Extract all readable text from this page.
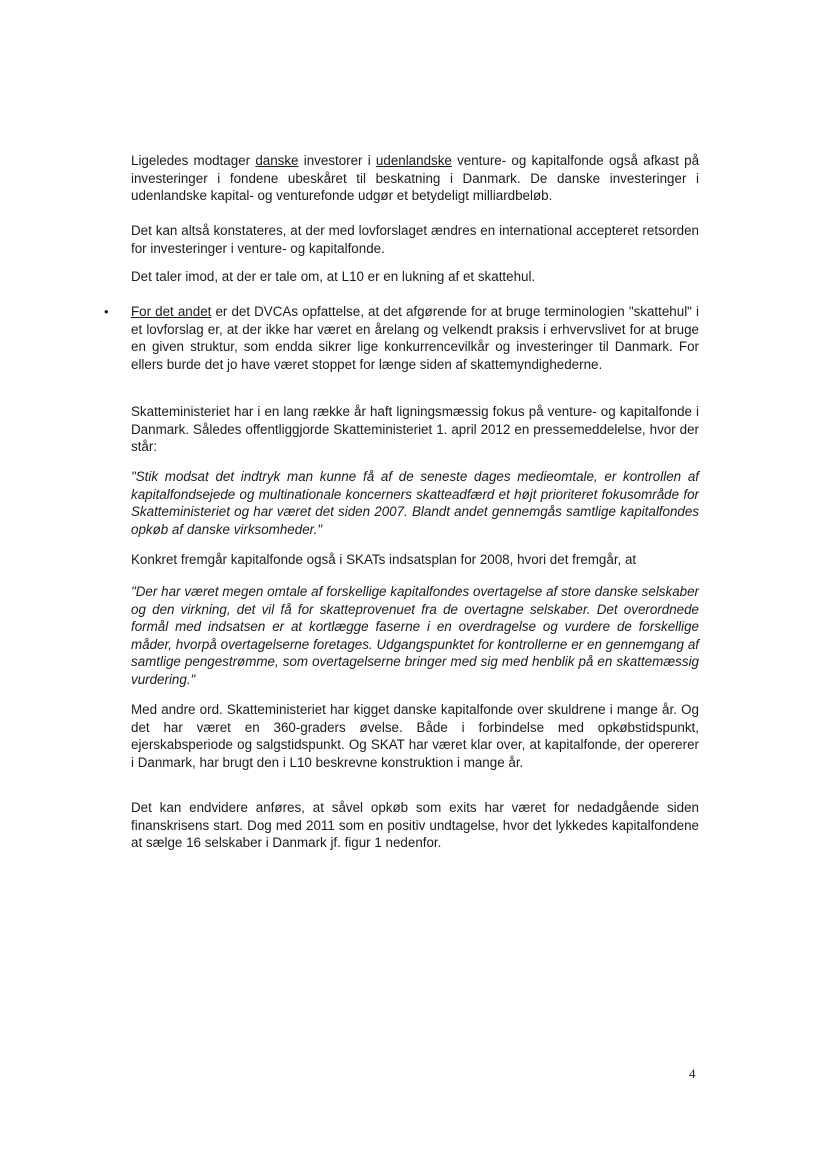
Ligeledes modtager danske investorer i udenlandske venture- og kapitalfonde også afkast på investeringer i fondene ubeskåret til beskatning i Danmark. De danske investeringer i udenlandske kapital- og venturefonde udgør et betydeligt milliardbeløb.

Det kan altså konstateres, at der med lovforslaget ændres en international accepteret retsorden for investeringer i venture- og kapitalfonde.
Det taler imod, at der er tale om, at L10 er en lukning af et skattehul.
• For det andet er det DVCAs opfattelse, at det afgørende for at bruge terminologien "skattehul" i et lovforslag er, at der ikke har været en årelang og velkendt praksis i erhvervslivet for at bruge en given struktur, som endda sikrer lige konkurrencevilkår og investeringer til Danmark. For ellers burde det jo have været stoppet for længe siden af skattemyndighederne.

Skatteministeriet har i en lang række år haft ligningsmæssig fokus på venture- og kapitalfonde i Danmark. Således offentliggjorde Skatteministeriet 1. april 2012 en pressemeddelelse, hvor der står:
"Stik modsat det indtryk man kunne få af de seneste dages medieomtale, er kontrollen af kapitalfondsejede og multinationale koncerners skatteadfærd et højt prioriteret fokusområde for Skatteministeriet og har været det siden 2007. Blandt andet gennemgås samtlige kapitalfondes opkøb af danske virksomheder."
Konkret fremgår kapitalfonde også i SKATs indsatsplan for 2008, hvori det fremgår, at
"Der har været megen omtale af forskellige kapitalfondes overtagelse af store danske selskaber og den virkning, det vil få for skatteprovenuet fra de overtagne selskaber. Det overordnede formål med indsatsen er at kortlægge faserne i en overdragelse og vurdere de forskellige måder, hvorpå overtagelserne foretages. Udgangspunktet for kontrollerne er en gennemgang af samtlige pengestrømme, som overtagelserne bringer med sig med henblik på en skattemæssig vurdering."
Med andre ord. Skatteministeriet har kigget danske kapitalfonde over skuldrene i mange år. Og det har været en 360-graders øvelse. Både i forbindelse med opkøbstidspunkt, ejerskabsperiode og salgstidspunkt. Og SKAT har været klar over, at kapitalfonde, der opererer i Danmark, har brugt den i L10 beskrevne konstruktion i mange år.
Det kan endvidere anføres, at såvel opkøb som exits har været for nedadgående siden finanskrisens start. Dog med 2011 som en positiv undtagelse, hvor det lykkedes kapitalfondene at sælge 16 selskaber i Danmark jf. figur 1 nedenfor.
4
